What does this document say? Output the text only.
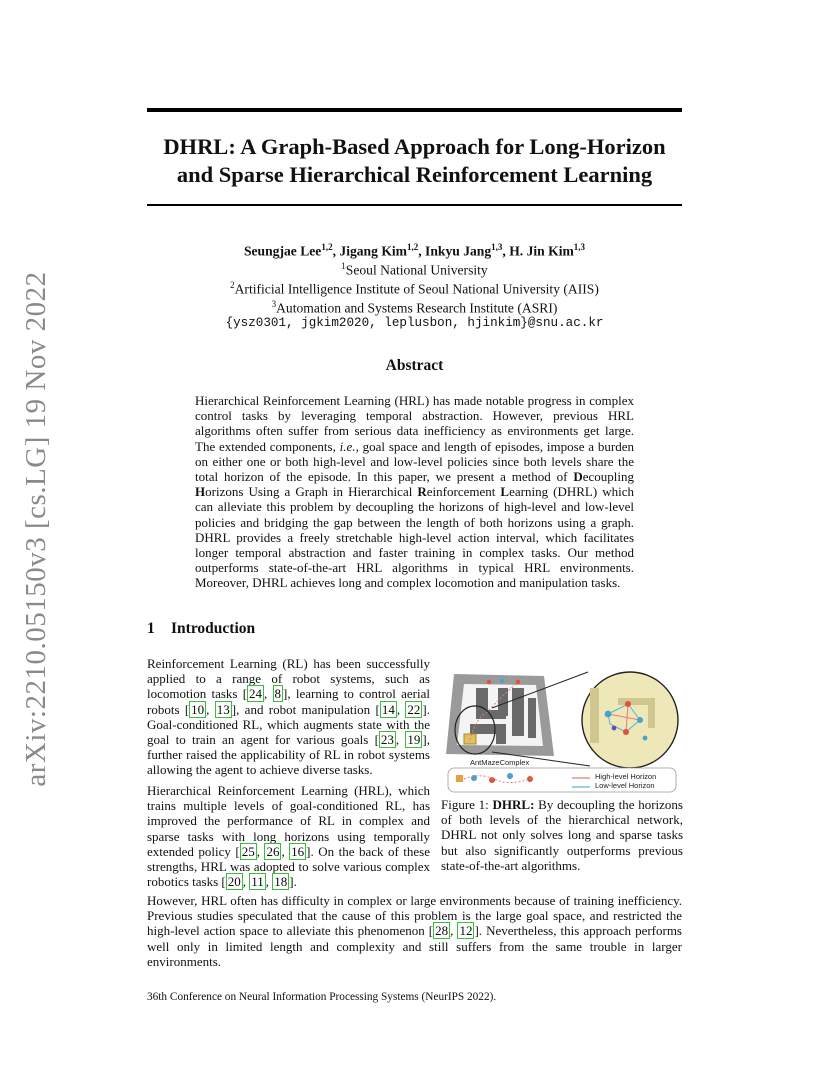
arXiv:2210.05150v3 [cs.LG] 19 Nov 2022
DHRL: A Graph-Based Approach for Long-Horizon
and Sparse Hierarchical Reinforcement Learning
Seungjae Lee$^{1,2}$, Jigang Kim$^{1,2}$, Inkyu Jang$^{1,3}$, H. Jin Kim$^{1,3}$
$^1$Seoul National University
$^2$Artificial Intelligence Institute of Seoul National University (AIIS)
$^3$Automation and Systems Research Institute (ASRI)
{ysz0301, jgkim2020, leplusbon, hjinkim}@snu.ac.kr
Abstract
Hierarchical Reinforcement Learning (HRL) has made notable progress in complex control tasks by leveraging temporal abstraction. However, previous HRL algorithms often suffer from serious data inefficiency as environments get large. The extended components, i.e., goal space and length of episodes, impose a burden on either one or both high-level and low-level policies since both levels share the total horizon of the episode. In this paper, we present a method of Decoupling Horizons Using a Graph in Hierarchical Reinforcement Learning (DHRL) which can alleviate this problem by decoupling the horizons of high-level and low-level policies and bridging the gap between the length of both horizons using a graph. DHRL provides a freely stretchable high-level action interval, which facilitates longer temporal abstraction and faster training in complex tasks. Our method outperforms state-of-the-art HRL algorithms in typical HRL environments. Moreover, DHRL achieves long and complex locomotion and manipulation tasks.
1 Introduction
Reinforcement Learning (RL) has been successfully applied to a range of robot systems, such as locomotion tasks [ 24 , 8 ], learning to control aerial robots [ 10 , 13 ], and robot manipulation [ 14 , 22 ]. Goal-conditioned RL, which augments state with the goal to train an agent for various goals [ 23 , 19 ], further raised the applicability of RL in robot systems allowing the agent to achieve diverse tasks.
Hierarchical Reinforcement Learning (HRL), which trains multiple levels of goal-conditioned RL, has improved the performance of RL in complex and sparse tasks with long horizons using temporally extended policy [ 25 , 26 , 16 ]. On the back of these strengths, HRL was adopted to solve various complex robotics tasks [ 20 , 11 , 18 ].
AntMazeComplex
High-level Horizon
Low-level Horizon
Figure 1: DHRL: By decoupling the horizons of both levels of the hierarchical network, DHRL not only solves long and sparse tasks but also significantly outperforms previous state-of-the-art algorithms.
However, HRL often has difficulty in complex or large environments because of training inefficiency. Previous studies speculated that the cause of this problem is the large goal space, and restricted the high-level action space to alleviate this phenomenon [ 28 , 12 ]. Nevertheless, this approach performs well only in limited length and complexity and still suffers from the same trouble in larger environments.
36th Conference on Neural Information Processing Systems (NeurIPS 2022).
